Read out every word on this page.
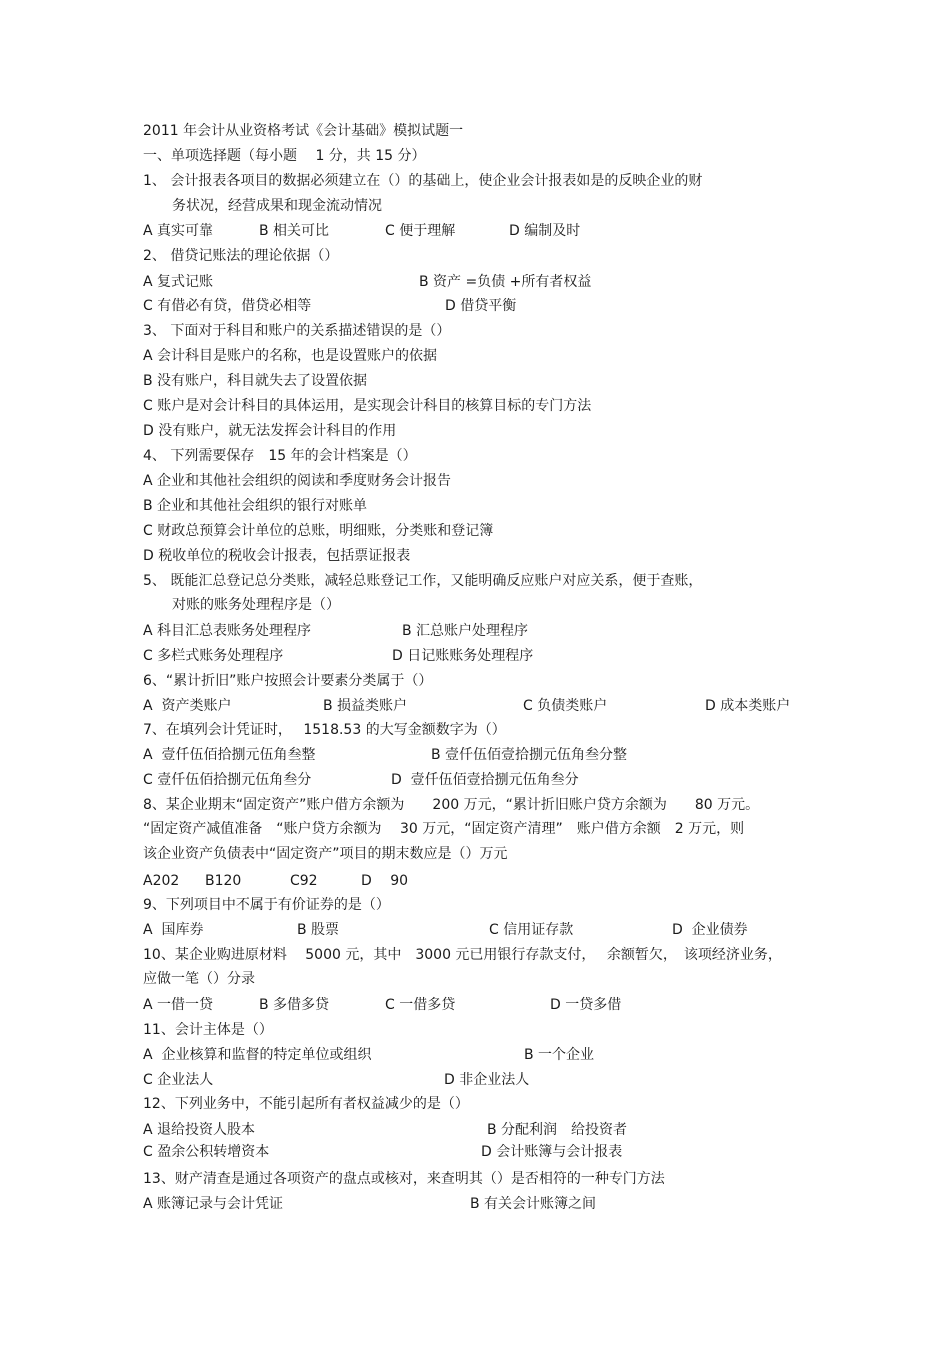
2011 年会计从业资格考试《会计基础》模拟试题一
一、单项选择题（每小题　 1 分，共 15 分）
1、 会计报表各项目的数据必须建立在（）的基础上，使企业会计报表如是的反映企业的财
务状况，经营成果和现金流动情况

A 真实可靠

	B 相关可比

	C 便于理解

	D 编制及时

2、 借贷记账法的理论依据（）

A 复式记账

	B 资产 =负债 +所有者权益

C 有借必有贷，借贷必相等

	D 借贷平衡

3、 下面对于科目和账户的关系描述错误的是（）
A 会计科目是账户的名称，也是设置账户的依据
B 没有账户，科目就失去了设置依据
C 账户是对会计科目的具体运用，是实现会计科目的核算目标的专门方法
D 没有账户，就无法发挥会计科目的作用
4、 下列需要保存　15 年的会计档案是（）
A 企业和其他社会组织的阅读和季度财务会计报告
B 企业和其他社会组织的银行对账单
C 财政总预算会计单位的总账，明细账，分类账和登记簿
D 税收单位的税收会计报表，包括票证报表
5、 既能汇总登记总分类账，减轻总账登记工作，又能明确反应账户对应关系，便于查账，
对账的账务处理程序是（）

A 科目汇总表账务处理程序

	B 汇总账户处理程序

C 多栏式账务处理程序

	D 日记账账务处理程序

6、“累计折旧”账户按照会计要素分类属于（）

A  资产类账户

	B 损益类账户

	C 负债类账户

	D 成本类账户

7、在填列会计凭证时，　 1518.53 的大写金额数字为（）

A  壹仟伍佰拾捌元伍角叁整

	B 壹仟伍佰壹拾捌元伍角叁分整

C 壹仟伍佰拾捌元伍角叁分

	D  壹仟伍佰壹拾捌元伍角叁分

8、某企业期末“固定资产”账户借方余额为　　200 万元，“累计折旧账户贷方余额为　　80 万元。
“固定资产减值准备　“账户贷方余额为　 30 万元，“固定资产清理”　账户借方余额　2 万元，则
该企业资产负债表中“固定资产”项目的期末数应是（）万元

A202

B120

	C92

	D　 90

9、下列项目中不属于有价证券的是（）

A  国库券

	B 股票

	C 信用证存款

	D  企业债券

10、某企业购进原材料　 5000 元，其中　3000 元已用银行存款支付，　 余额暂欠，　该项经济业务，
应做一笔（）分录

A 一借一贷

	B 多借多贷

	C 一借多贷

	D 一贷多借

11、会计主体是（）

A  企业核算和监督的特定单位或组织

	B 一个企业

C 企业法人

	D 非企业法人

12、下列业务中，不能引起所有者权益减少的是（）

A 退给投资人股本

	B 分配利润　给投资者

C 盈余公积转增资本

	D 会计账簿与会计报表

13、财产清查是通过各项资产的盘点或核对，来查明其（）是否相符的一种专门方法

A 账簿记录与会计凭证

	B 有关会计账簿之间
